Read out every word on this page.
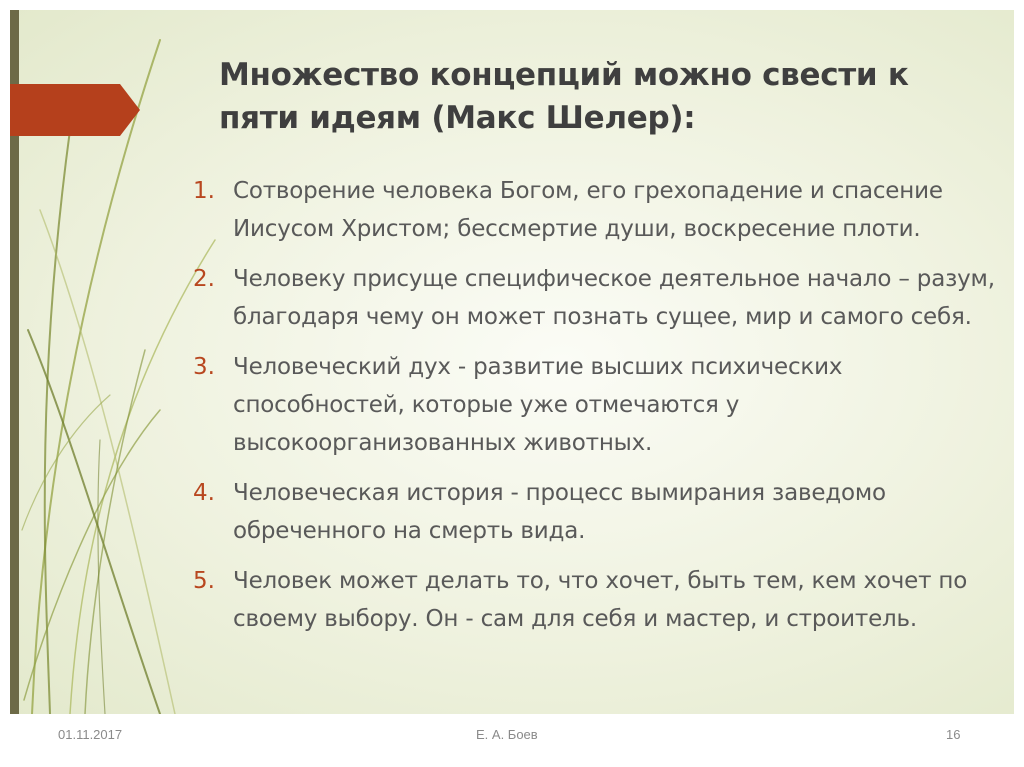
Множество концепций можно свести к пяти идеям (Макс Шелер):
1. Сотворение человека Богом, его грехопадение и спасение Иисусом Христом; бессмертие души, воскресение плоти.
2. Человеку присуще специфическое деятельное начало – разум, благодаря чему он может познать сущее, мир и самого себя.
3. Человеческий дух - развитие высших психических способностей, которые уже отмечаются у высокоорганизованных животных.
4. Человеческая история - процесс вымирания заведомо обреченного на смерть вида.
5. Человек может делать то, что хочет, быть тем, кем хочет по своему выбору. Он - сам для себя и мастер, и строитель.
01.11.2017	Е. А. Боев	16
